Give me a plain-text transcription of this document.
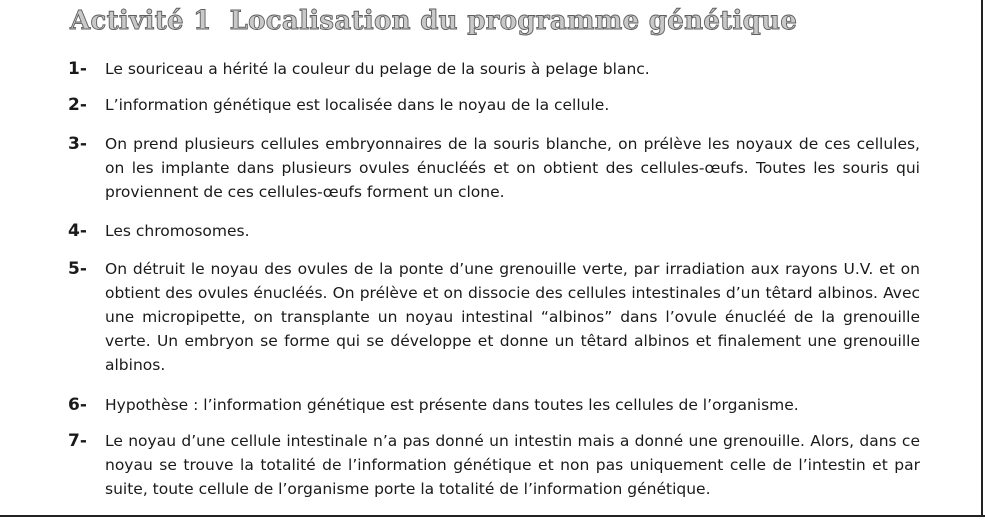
Activité 1 Localisation du programme génétique
1-	Le souriceau a hérité la couleur du pelage de la souris à pelage blanc.
2-	L’information génétique est localisée dans le noyau de la cellule.
3-	On prend plusieurs cellules embryonnaires de la souris blanche, on prélève les noyaux de ces cellules, on les implante dans plusieurs ovules énucléés et on obtient des cellules-œufs. Toutes les souris qui proviennent de ces cellules-œufs forment un clone.
4-	Les chromosomes.
5-	On détruit le noyau des ovules de la ponte d’une grenouille verte, par irradiation aux rayons U.V. et on obtient des ovules énucléés. On prélève et on dissocie des cellules intestinales d’un têtard albinos. Avec une micropipette, on transplante un noyau intestinal “albinos” dans l’ovule énucléé de la grenouille verte. Un embryon se forme qui se développe et donne un têtard albinos et finalement une grenouille albinos.
6-	Hypothèse : l’information génétique est présente dans toutes les cellules de l’organisme.
7-	Le noyau d’une cellule intestinale n’a pas donné un intestin mais a donné une grenouille. Alors, dans ce noyau se trouve la totalité de l’information génétique et non pas uniquement celle de l’intestin et par suite, toute cellule de l’organisme porte la totalité de l’information génétique.
